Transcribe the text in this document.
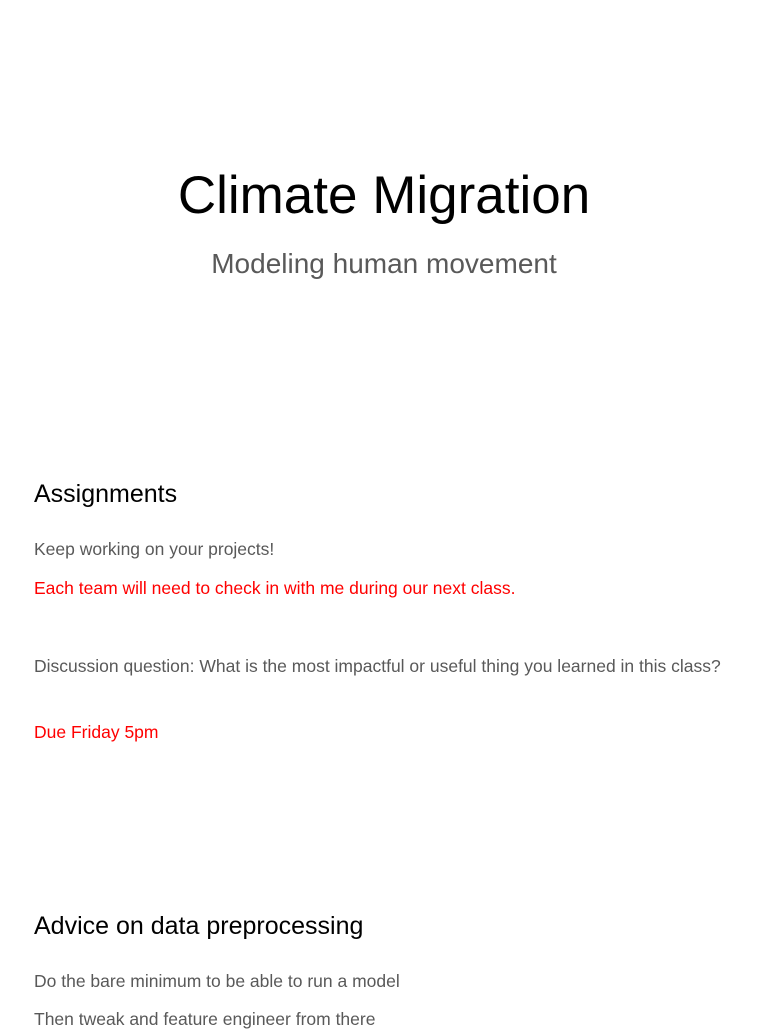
Climate Migration

Modeling human movement

Assignments

Keep working on your projects!

Each team will need to check in with me during our next class.

Discussion question: What is the most impactful or useful thing you learned in this class?

Due Friday 5pm

Advice on data preprocessing

Do the bare minimum to be able to run a model

Then tweak and feature engineer from there
